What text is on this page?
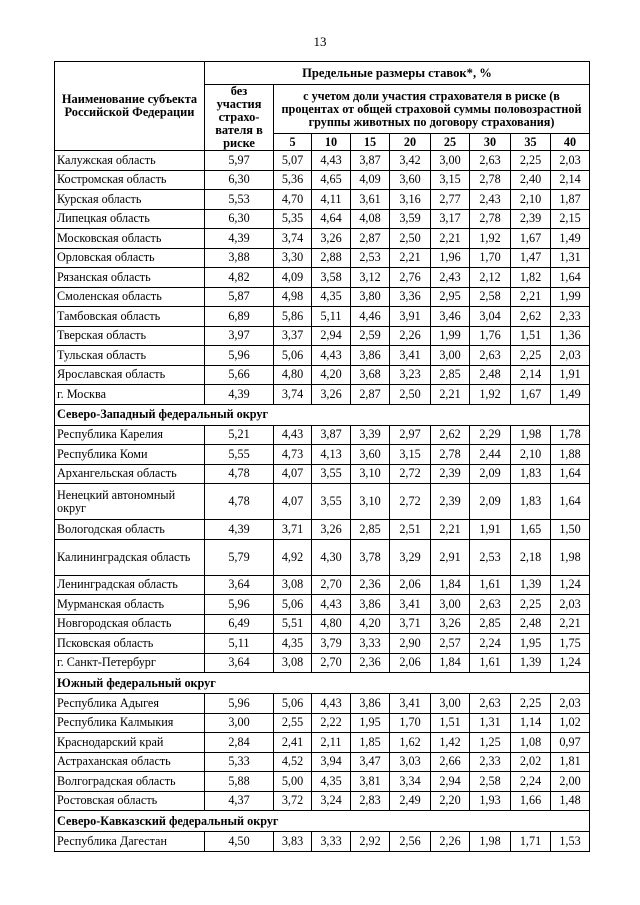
13
Наименование субъекта Российской Федерации	Предельные размеры ставок*, %								
	без участия страхо-вателя в риске	с учетом доли участия страхователя в риске (в процентах от общей страховой суммы половозрастной группы животных по договору страхования)							
		5	10	15	20	25	30	35	40
Калужская область	5,97	5,07	4,43	3,87	3,42	3,00	2,63	2,25	2,03
Костромская область	6,30	5,36	4,65	4,09	3,60	3,15	2,78	2,40	2,14
Курская область	5,53	4,70	4,11	3,61	3,16	2,77	2,43	2,10	1,87
Липецкая область	6,30	5,35	4,64	4,08	3,59	3,17	2,78	2,39	2,15
Московская область	4,39	3,74	3,26	2,87	2,50	2,21	1,92	1,67	1,49
Орловская область	3,88	3,30	2,88	2,53	2,21	1,96	1,70	1,47	1,31
Рязанская область	4,82	4,09	3,58	3,12	2,76	2,43	2,12	1,82	1,64
Смоленская область	5,87	4,98	4,35	3,80	3,36	2,95	2,58	2,21	1,99
Тамбовская область	6,89	5,86	5,11	4,46	3,91	3,46	3,04	2,62	2,33
Тверская область	3,97	3,37	2,94	2,59	2,26	1,99	1,76	1,51	1,36
Тульская область	5,96	5,06	4,43	3,86	3,41	3,00	2,63	2,25	2,03
Ярославская область	5,66	4,80	4,20	3,68	3,23	2,85	2,48	2,14	1,91
г. Москва	4,39	3,74	3,26	2,87	2,50	2,21	1,92	1,67	1,49
Северо-Западный федеральный округ									
Республика Карелия	5,21	4,43	3,87	3,39	2,97	2,62	2,29	1,98	1,78
Республика Коми	5,55	4,73	4,13	3,60	3,15	2,78	2,44	2,10	1,88
Архангельская область	4,78	4,07	3,55	3,10	2,72	2,39	2,09	1,83	1,64
Ненецкий автономный округ	4,78	4,07	3,55	3,10	2,72	2,39	2,09	1,83	1,64
Вологодская область	4,39	3,71	3,26	2,85	2,51	2,21	1,91	1,65	1,50
Калининградская область	5,79	4,92	4,30	3,78	3,29	2,91	2,53	2,18	1,98
Ленинградская область	3,64	3,08	2,70	2,36	2,06	1,84	1,61	1,39	1,24
Мурманская область	5,96	5,06	4,43	3,86	3,41	3,00	2,63	2,25	2,03
Новгородская область	6,49	5,51	4,80	4,20	3,71	3,26	2,85	2,48	2,21
Псковская область	5,11	4,35	3,79	3,33	2,90	2,57	2,24	1,95	1,75
г. Санкт-Петербург	3,64	3,08	2,70	2,36	2,06	1,84	1,61	1,39	1,24
Южный федеральный округ									
Республика Адыгея	5,96	5,06	4,43	3,86	3,41	3,00	2,63	2,25	2,03
Республика Калмыкия	3,00	2,55	2,22	1,95	1,70	1,51	1,31	1,14	1,02
Краснодарский край	2,84	2,41	2,11	1,85	1,62	1,42	1,25	1,08	0,97
Астраханская область	5,33	4,52	3,94	3,47	3,03	2,66	2,33	2,02	1,81
Волгоградская область	5,88	5,00	4,35	3,81	3,34	2,94	2,58	2,24	2,00
Ростовская область	4,37	3,72	3,24	2,83	2,49	2,20	1,93	1,66	1,48
Северо-Кавказский федеральный округ									
Республика Дагестан	4,50	3,83	3,33	2,92	2,56	2,26	1,98	1,71	1,53
